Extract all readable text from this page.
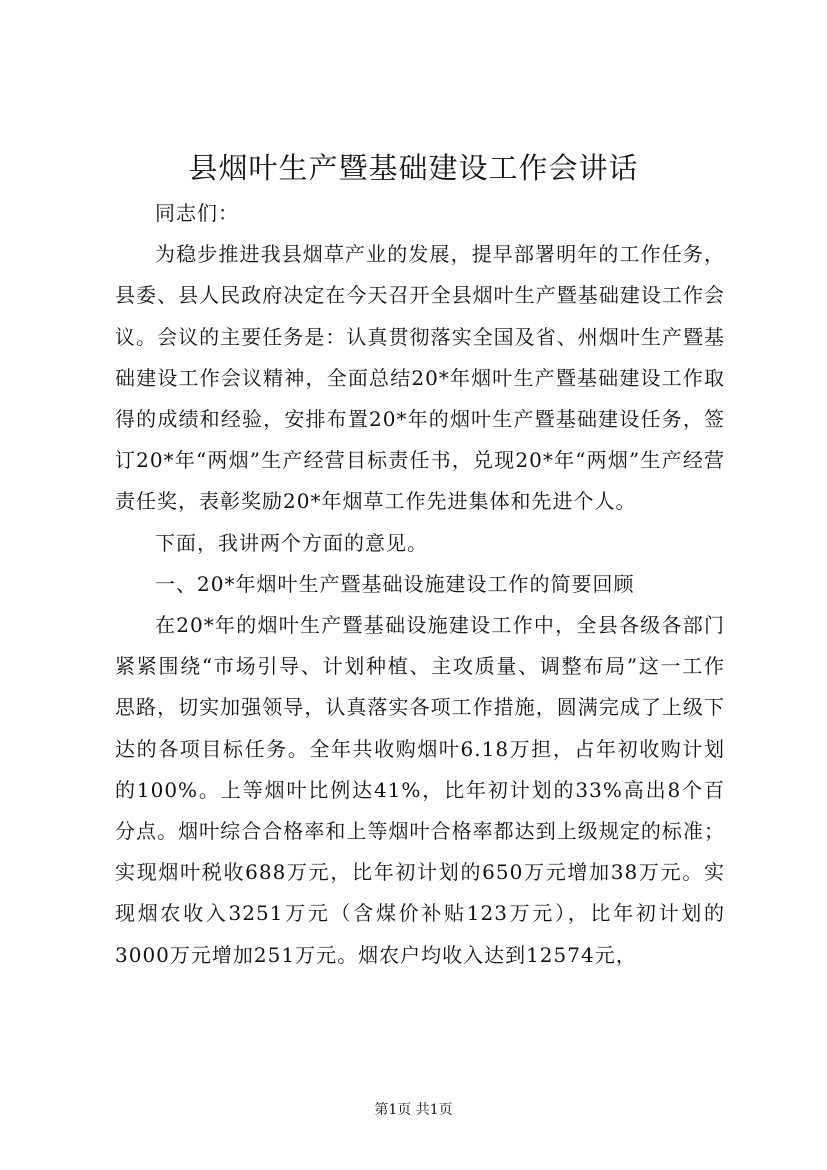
县烟叶生产暨基础建设工作会讲话

同志们：

为稳步推进我县烟草产业的发展，提早部署明年的工作任务，县委、县人民政府决定在今天召开全县烟叶生产暨基础建设工作会议。会议的主要任务是：认真贯彻落实全国及省、州烟叶生产暨基础建设工作会议精神，全面总结20*年烟叶生产暨基础建设工作取得的成绩和经验，安排布置20*年的烟叶生产暨基础建设任务，签订20*年“两烟”生产经营目标责任书，兑现20*年“两烟”生产经营责任奖，表彰奖励20*年烟草工作先进集体和先进个人。

下面，我讲两个方面的意见。

一、20*年烟叶生产暨基础设施建设工作的简要回顾

在20*年的烟叶生产暨基础设施建设工作中，全县各级各部门紧紧围绕“市场引导、计划种植、主攻质量、调整布局”这一工作思路，切实加强领导，认真落实各项工作措施，圆满完成了上级下达的各项目标任务。全年共收购烟叶6.18万担，占年初收购计划的100%。上等烟叶比例达41%，比年初计划的33%高出8个百分点。烟叶综合合格率和上等烟叶合格率都达到上级规定的标准；实现烟叶税收688万元，比年初计划的650万元增加38万元。实现烟农收入3251万元（含煤价补贴123万元），比年初计划的3000万元增加251万元。烟农户均收入达到12574元，

第1页 共1页
